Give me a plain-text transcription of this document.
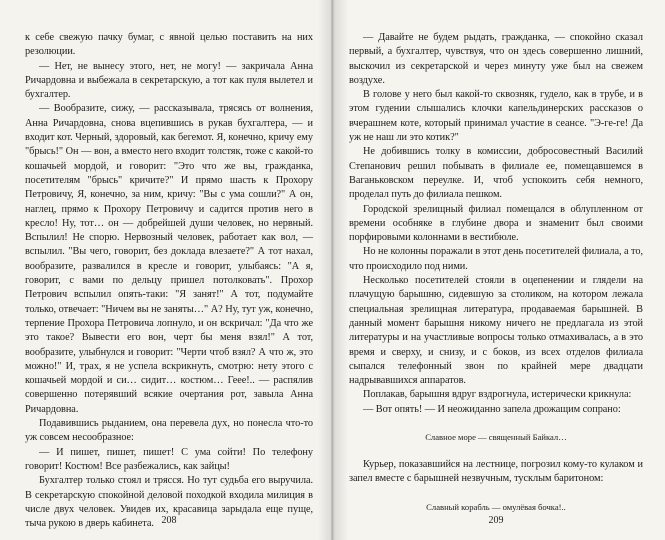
к себе свежую пачку бумаг, с явной целью поставить на них резолюции.

— Нет, не вынесу этого, нет, не могу! — закричала Анна Ричардовна и выбежала в секретарскую, а тот как пуля вылетел и бухгалтер.

— Вообразите, сижу, — рассказывала, трясясь от волнения, Анна Ричардовна, снова вцепившись в рукав бухгалтера, — и входит кот. Черный, здоровый, как бегемот. Я, конечно, кричу ему "брысь!" Он — вон, а вместо него входит толстяк, тоже с какой-то кошачьей мордой, и говорит: "Это что же вы, гражданка, посетителям "брысь" кричите?" И прямо шасть к Прохору Петровичу, Я, конечно, за ним, кричу: "Вы с ума сошли?" А он, наглец, прямо к Прохору Петровичу и садится против него в кресло! Ну, тот… он — добрейшей души человек, но нервный. Вспылил! Не спорю. Нервозный человек, работает как вол, — вспылил. "Вы чего, говорит, без доклада влезаете?" А тот нахал, вообразите, развалился в кресле и говорит, улыбаясь: "А я, говорит, с вами по дельцу пришел потолковать". Прохор Петрович вспылил опять-таки: "Я занят!" А тот, подумайте только, отвечает: "Ничем вы не заняты…" А? Ну, тут уж, конечно, терпение Прохора Петровича лопнуло, и он вскричал: "Да что же это такое? Вывести его вон, черт бы меня взял!" А тот, вообразите, улыбнулся и говорит: "Черти чтоб взял? А что ж, это можно!" И, трах, я не успела вскрикнуть, смотрю: нету этого с кошачьей мордой и си… сидит… костюм… Геее!.. — распялив совершенно потерявший всякие очертания рот, завыла Анна Ричардовна.

Подавившись рыданием, она перевела дух, но понесла что-то уж совсем несообразное:

— И пишет, пишет, пишет! С ума сойти! По телефону говорит! Костюм! Все разбежались, как зайцы!

Бухгалтер только стоял и трясся. Но тут судьба его выручила. В секретарскую спокойной деловой походкой входила милиция в числе двух человек. Увидев их, красавица зарыдала еще пуще, тыча рукою в дверь кабинета. 208

— Давайте не будем рыдать, гражданка, — спокойно сказал первый, а бухгалтер, чувствуя, что он здесь совершенно лишний, выскочил из секретарской и через минуту уже был на свежем воздухе.

В голове у него был какой-то сквозняк, гудело, как в трубе, и в этом гудении слышались клочки капельдинерских рассказов о вчерашнем коте, который принимал участие в сеансе. "Э-ге-ге! Да уж не наш ли это котик?"

Не добившись толку в комиссии, добросовестный Василий Степанович решил побывать в филиале ее, помещавшемся в Ваганьковском переулке. И, чтоб успокоить себя немного, проделал путь до филиала пешком.

Городской зрелищный филиал помещался в облупленном от времени особняке в глубине двора и знаменит был своими порфировыми колоннами в вестибюле.

Но не колонны поражали в этот день посетителей филиала, а то, что происходило под ними.

Несколько посетителей стояли в оцепенении и глядели на плачущую барышню, сидевшую за столиком, на котором лежала специальная зрелищная литература, продаваемая барышней. В данный момент барышня никому ничего не предлагала из этой литературы и на участливые вопросы только отмахивалась, а в это время и сверху, и снизу, и с боков, из всех отделов филиала сыпался телефонный звон по крайней мере двадцати надрывавшихся аппаратов.

Поплакав, барышня вдруг вздрогнула, истерически крикнула:

— Вот опять! — И неожиданно запела дрожащим сопрано:

Славное море — священный Байкал…

Курьер, показавшийся на лестнице, погрозил кому-то кулаком и запел вместе с барышней незвучным, тусклым баритоном:

Славный корабль — омулёвая бочка!..
209
